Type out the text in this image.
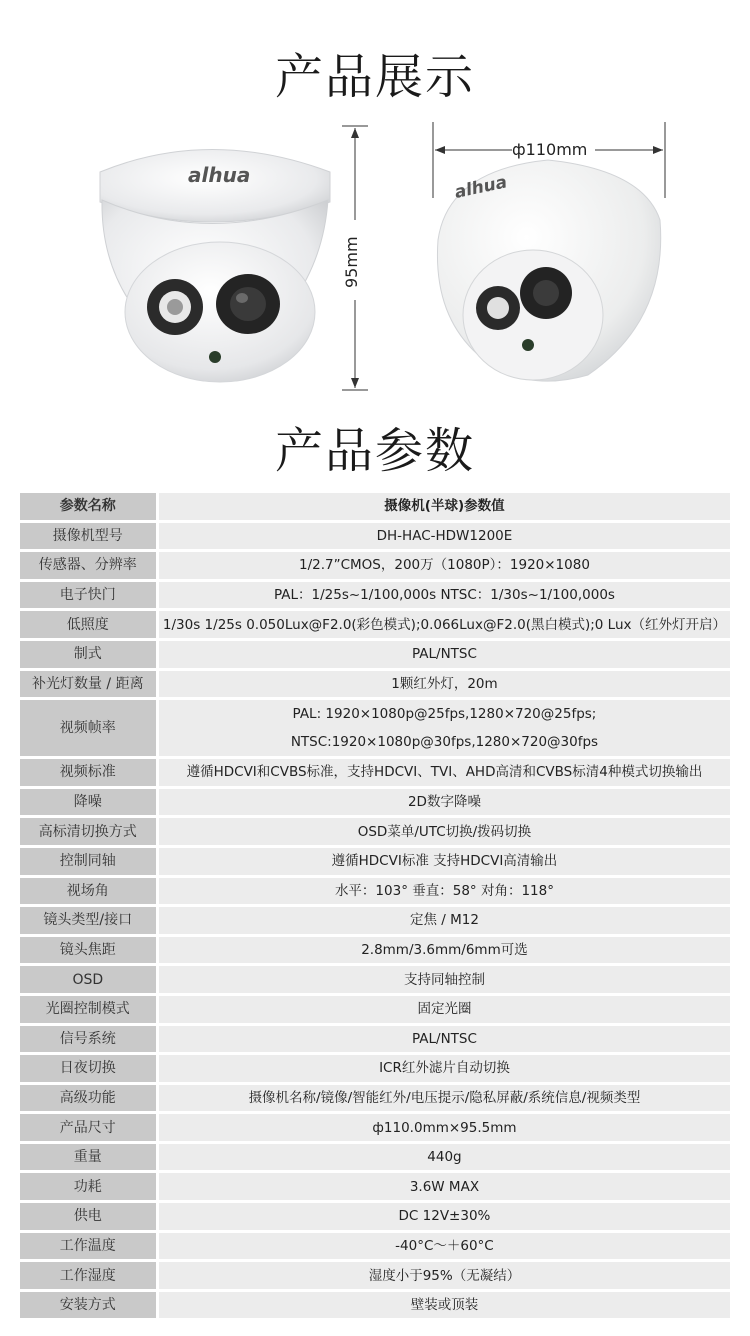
产品展示
alhua
95mm
ф110mm
alhua
产品参数
参数名称		摄像机(半球)参数值
摄像机型号		DH-HAC-HDW1200E
传感器、分辨率		1/2.7”CMOS，200万（1080P）：1920×1080
电子快门		PAL：1/25s~1/100,000s NTSC：1/30s~1/100,000s
低照度		1/30s 1/25s 0.050Lux@F2.0(彩色模式);0.066Lux@F2.0(黑白模式);0 Lux（红外灯开启）
制式		PAL/NTSC
补光灯数量 / 距离		1颗红外灯，20m
视频帧率		PAL: 1920×1080p@25fps,1280×720@25fps;
NTSC:1920×1080p@30fps,1280×720@30fps

视频标准		遵循HDCVI和CVBS标准，支持HDCVI、TVI、AHD高清和CVBS标清4种模式切换输出
降噪		2D数字降噪
高标清切换方式		OSD菜单/UTC切换/拨码切换
控制同轴		遵循HDCVI标准 支持HDCVI高清输出
视场角		水平：103° 垂直：58° 对角：118°
镜头类型/接口		定焦 / M12
镜头焦距		2.8mm/3.6mm/6mm可选
OSD		支持同轴控制
光圈控制模式		固定光圈
信号系统		PAL/NTSC
日夜切换		ICR红外滤片自动切换
高级功能		摄像机名称/镜像/智能红外/电压提示/隐私屏蔽/系统信息/视频类型
产品尺寸		ф110.0mm×95.5mm
重量		440g
功耗		3.6W MAX
供电		DC 12V±30%
工作温度		-40°C～＋60°C
工作湿度		湿度小于95%（无凝结）
安装方式		壁装或顶装
